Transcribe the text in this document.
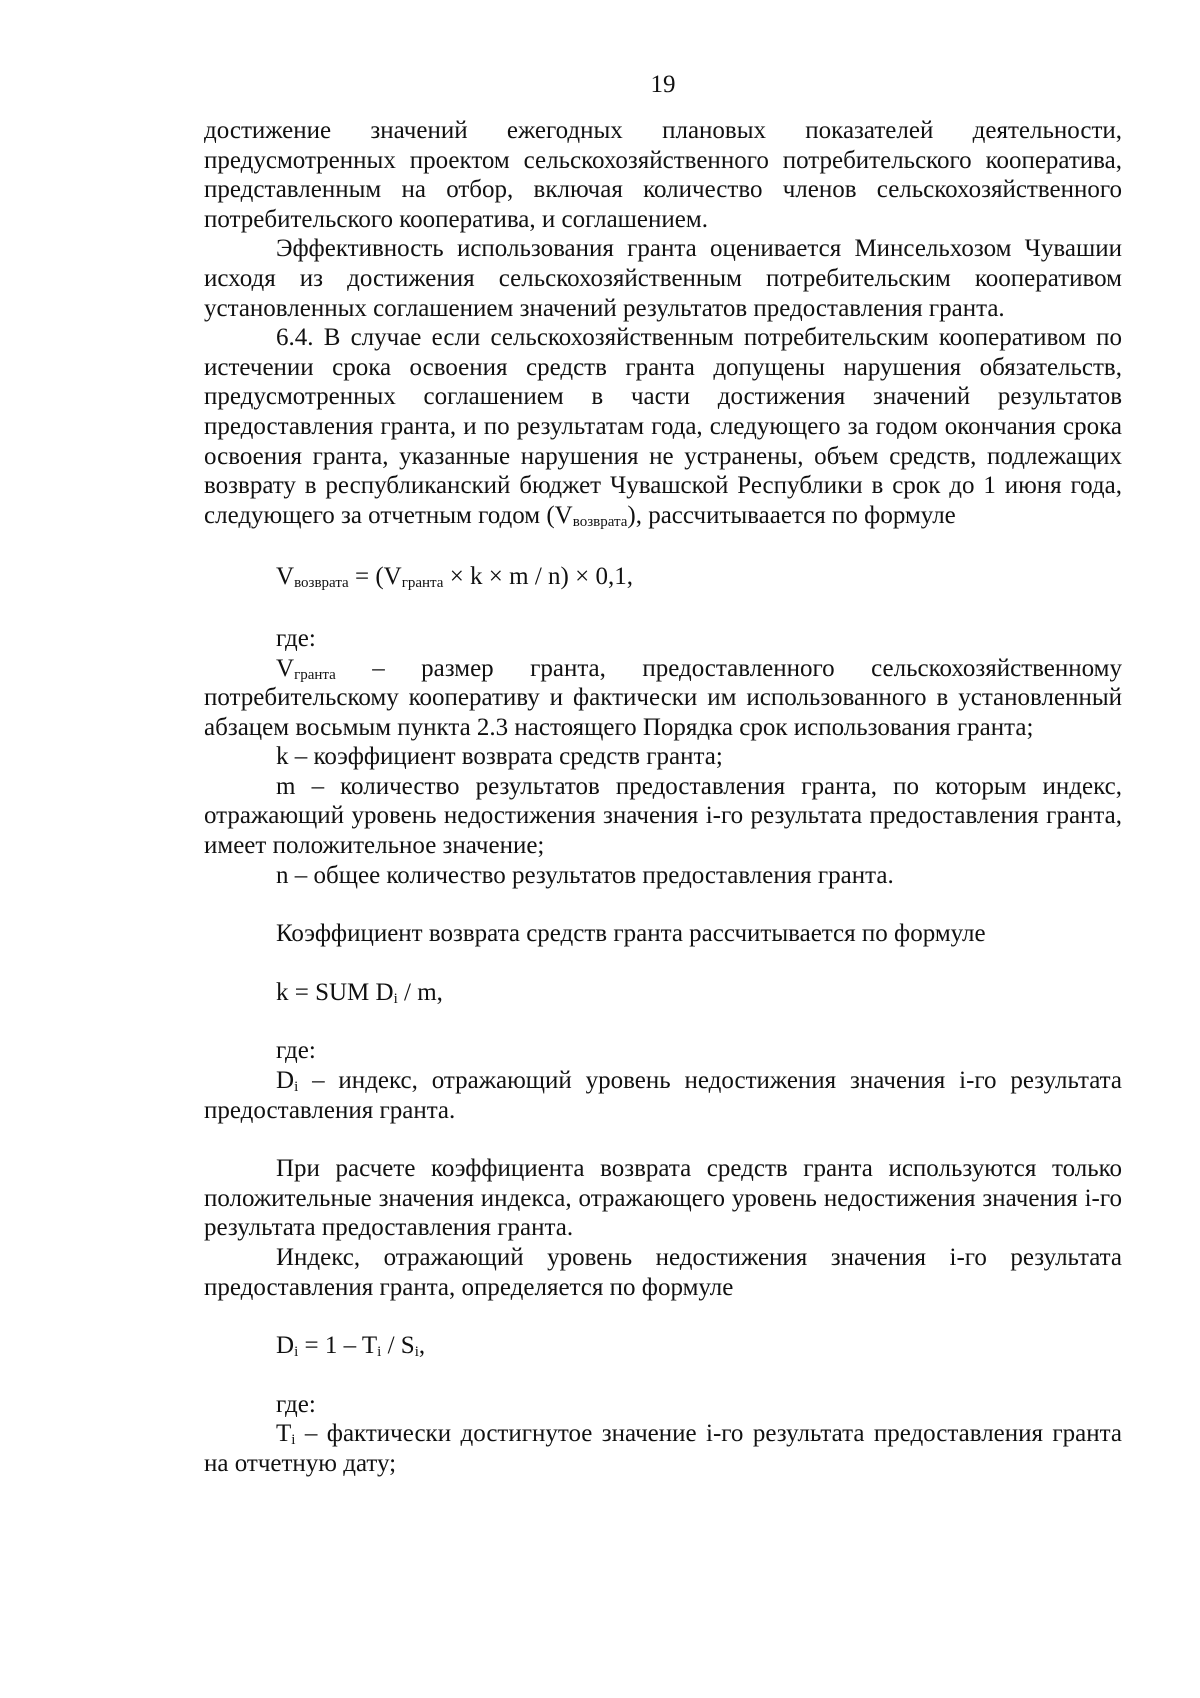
19

достижение значений ежегодных плановых показателей деятельности, предусмотренных проектом сельскохозяйственного потребительского кооператива, представленным на отбор, включая количество членов сельскохозяйственного потребительского кооператива, и соглашением.

Эффективность использования гранта оценивается Минсельхозом Чувашии исходя из достижения сельскохозяйственным потребительским кооперативом установленных соглашением значений результатов предоставления гранта.

6.4. В случае если сельскохозяйственным потребительским кооперативом по истечении срока освоения средств гранта допущены нарушения обязательств, предусмотренных соглашением в части достижения значений результатов предоставления гранта, и по результатам года, следующего за годом окончания срока освоения гранта, указанные нарушения не устранены, объем средств, подлежащих возврату в республиканский бюджет Чувашской Республики в срок до 1 июня года, следующего за отчетным годом $(V_{возврата})$, рассчитываается по формуле

$V_{возврата} = (V_{гранта} \times k \times m / n) \times 0,1$,
где:

$V_{гранта}$ – размер гранта, предоставленного сельскохозяйственному потребительскому кооперативу и фактически им использованного в установленный абзацем восьмым пункта 2.3 настоящего Порядка срок использования гранта;

k – коэффициент возврата средств гранта;

m – количество результатов предоставления гранта, по которым индекс, отражающий уровень недостижения значения i-го результата предоставления гранта, имеет положительное значение;

n – общее количество результатов предоставления гранта.

Коэффициент возврата средств гранта рассчитывается по формуле
k = SUM $D_i$ / m,
где:

$D_i$ – индекс, отражающий уровень недостижения значения i-го результата предоставления гранта.

При расчете коэффициента возврата средств гранта используются только положительные значения индекса, отражающего уровень недостижения значения i-го результата предоставления гранта.

Индекс, отражающий уровень недостижения значения i-го результата предоставления гранта, определяется по формуле

$D_i = 1 - T_i / S_i$,
где:

$T_i$ – фактически достигнутое значение i-го результата предоставления гранта на отчетную дату;
